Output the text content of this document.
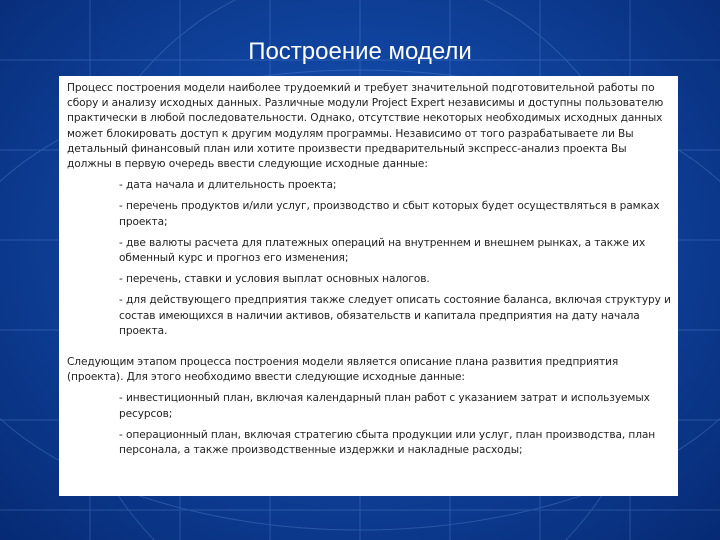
Построение модели

Процесс построения модели наиболее трудоемкий и требует значительной подготовительной работы по сбору и анализу исходных данных. Различные модули Project Expert независимы и доступны пользователю практически в любой последовательности. Однако, отсутствие некоторых необходимых исходных данных может блокировать доступ к другим модулям программы. Независимо от того разрабатываете ли Вы детальный финансовый план или хотите произвести предварительный экспресс-анализ проекта Вы должны в первую очередь ввести следующие исходные данные:

- дата начала и длительность проекта;
- перечень продуктов и/или услуг, производство и сбыт которых будет осуществляться в рамках проекта;
- две валюты расчета для платежных операций на внутреннем и внешнем рынках, а также их обменный курс и прогноз его изменения;
- перечень, ставки и условия выплат основных налогов.
- для действующего предприятия также следует описать состояние баланса, включая структуру и состав имеющихся в наличии активов, обязательств и капитала предприятия на дату начала проекта.

Следующим этапом процесса построения модели является описание плана развития предприятия (проекта). Для этого необходимо ввести следующие исходные данные:

- инвестиционный план, включая календарный план работ с указанием затрат и используемых ресурсов;
- операционный план, включая стратегию сбыта продукции или услуг, план производства, план персонала, а также производственные издержки и накладные расходы;
